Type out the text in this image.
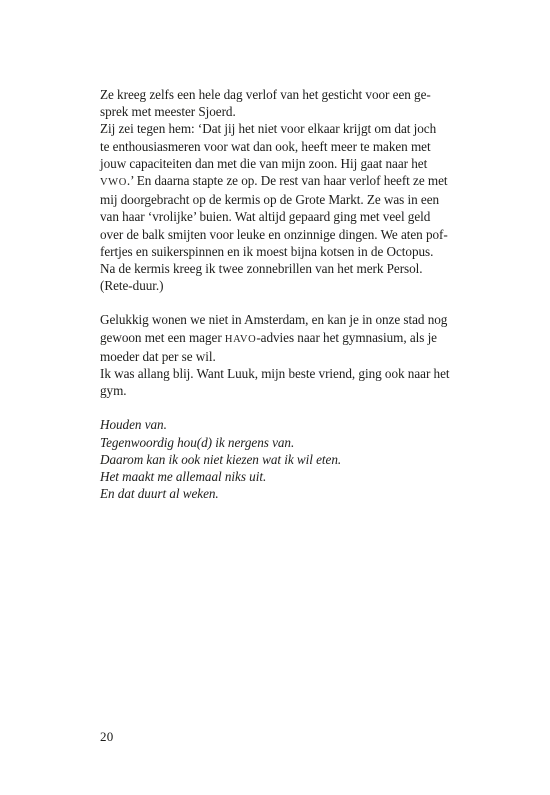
Ze kreeg zelfs een hele dag verlof van het gesticht voor een ge-
sprek met meester Sjoerd.
Zij zei tegen hem: ‘Dat jij het niet voor elkaar krijgt om dat joch
te enthousiasmeren voor wat dan ook, heeft meer te maken met
jouw capaciteiten dan met die van mijn zoon. Hij gaat naar het
VWO.’ En daarna stapte ze op. De rest van haar verlof heeft ze met
mij doorgebracht op de kermis op de Grote Markt. Ze was in een
van haar ‘vrolijke’ buien. Wat altijd gepaard ging met veel geld
over de balk smijten voor leuke en onzinnige dingen. We aten pof-
fertjes en suikerspinnen en ik moest bijna kotsen in de Octopus.
Na de kermis kreeg ik twee zonnebrillen van het merk Persol.
(Rete-duur.)
Gelukkig wonen we niet in Amsterdam, en kan je in onze stad nog
gewoon met een mager HAVO-advies naar het gymnasium, als je
moeder dat per se wil.
Ik was allang blij. Want Luuk, mijn beste vriend, ging ook naar het
gym.
Houden van.
Tegenwoordig hou(d) ik nergens van.
Daarom kan ik ook niet kiezen wat ik wil eten.
Het maakt me allemaal niks uit.
En dat duurt al weken.
20
